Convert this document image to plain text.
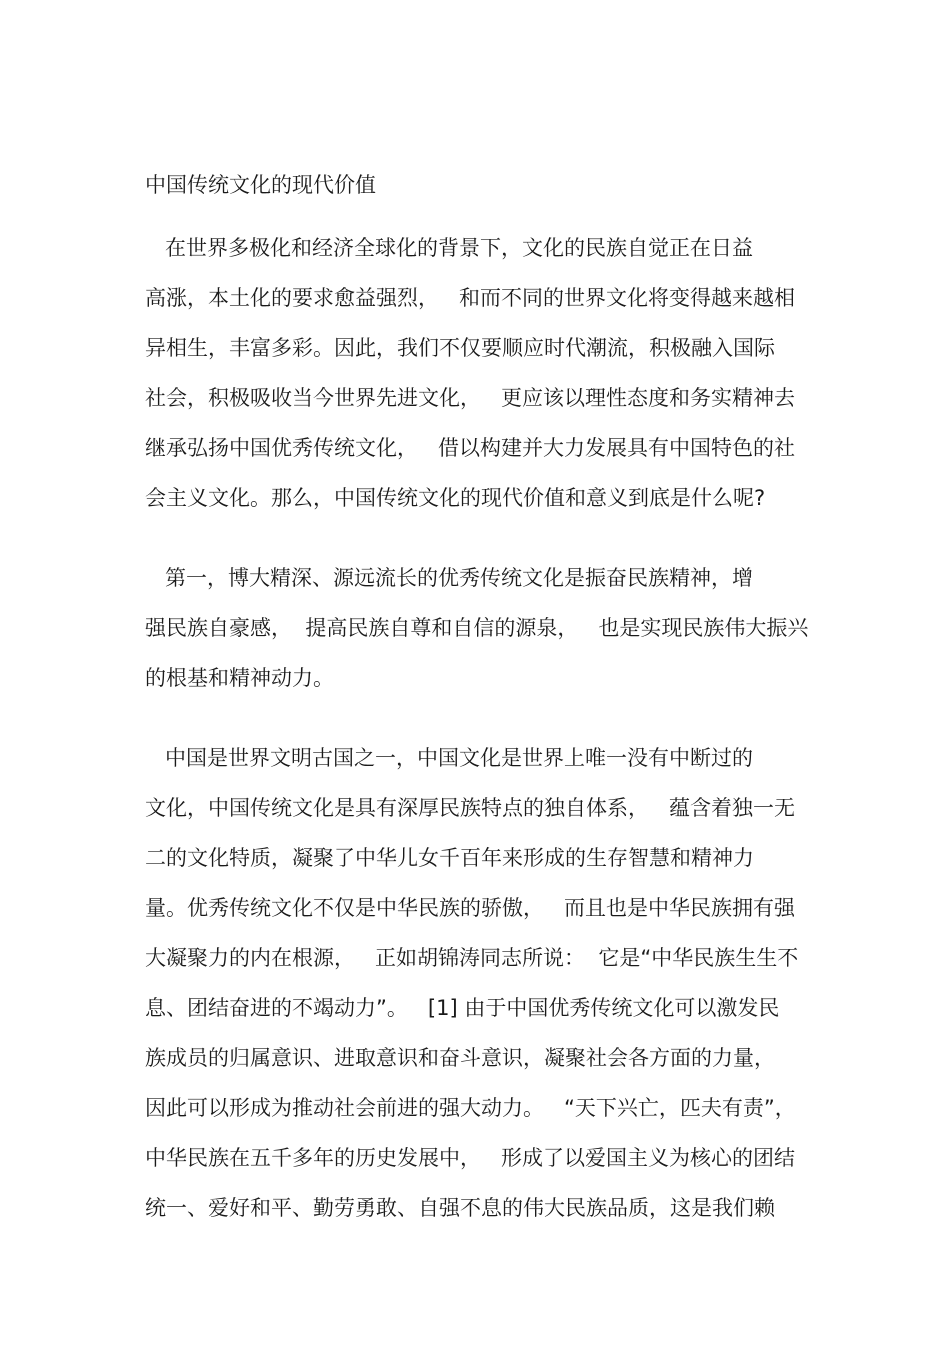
中国传统文化的现代价值
在世界多极化和经济全球化的背景下，文化的民族自觉正在日益
高涨，本土化的要求愈益强烈，   和而不同的世界文化将变得越来越相
异相生，丰富多彩。因此，我们不仅要顺应时代潮流，积极融入国际
社会，积极吸收当今世界先进文化，   更应该以理性态度和务实精神去
继承弘扬中国优秀传统文化，   借以构建并大力发展具有中国特色的社
会主义文化。那么，中国传统文化的现代价值和意义到底是什么呢?
第一，博大精深、源远流长的优秀传统文化是振奋民族精神，增
强民族自豪感，  提高民族自尊和自信的源泉，   也是实现民族伟大振兴
的根基和精神动力。
中国是世界文明古国之一，中国文化是世界上唯一没有中断过的
文化，中国传统文化是具有深厚民族特点的独自体系，   蕴含着独一无
二的文化特质，凝聚了中华儿女千百年来形成的生存智慧和精神力
量。优秀传统文化不仅是中华民族的骄傲，   而且也是中华民族拥有强
大凝聚力的内在根源，   正如胡锦涛同志所说：  它是“中华民族生生不
息、团结奋进的不竭动力”。   [1] 由于中国优秀传统文化可以激发民
族成员的归属意识、进取意识和奋斗意识，凝聚社会各方面的力量，
因此可以形成为推动社会前进的强大动力。   “天下兴亡，匹夫有责”，
中华民族在五千多年的历史发展中，   形成了以爱国主义为核心的团结
统一、爱好和平、勤劳勇敢、自强不息的伟大民族品质，这是我们赖
